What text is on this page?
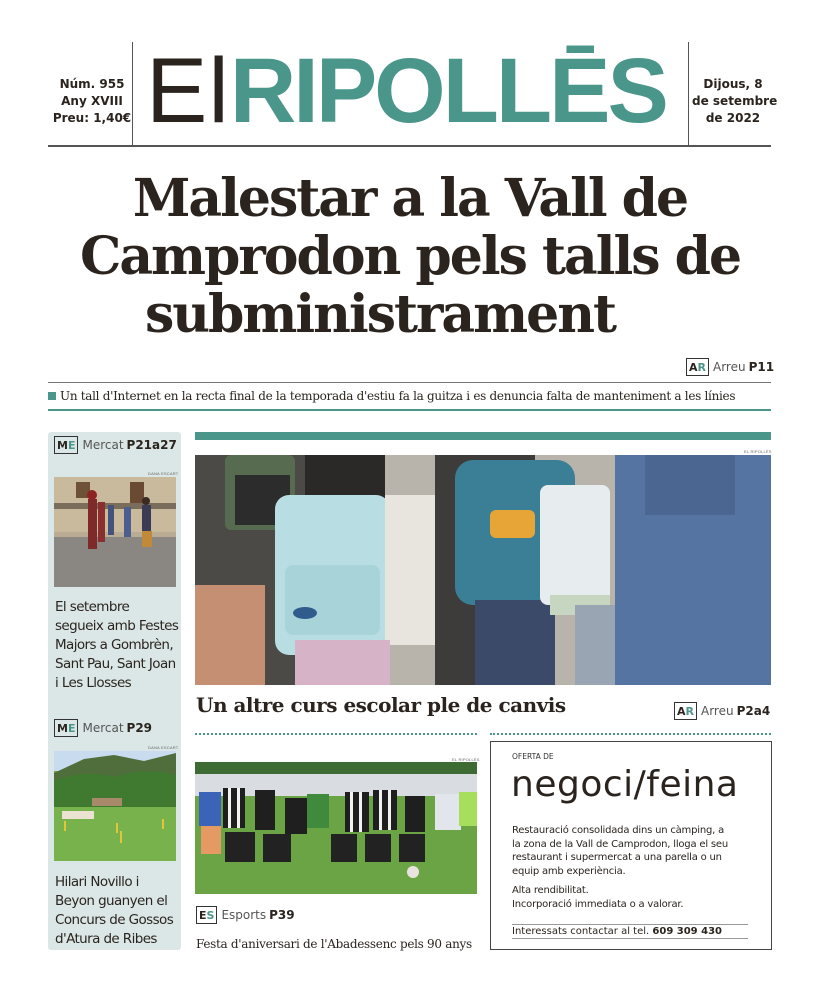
Núm. 955
Any XVIII
Preu: 1,40€ ElRIPOLLĒS	Dijous, 8
de setembre
de 2022
Malestar a la Vall de
Camprodon pels talls de
subministrament
A R Arreu P11
Un tall d'Internet en la recta final de la temporada d'estiu fa la guitza i es denuncia falta de manteniment a les línies
M E Mercat P21a27
DANA ESCART
El setembre
segueix amb Festes
Majors a Gombrèn,
Sant Pau, Sant Joan
i Les Llosses
M E Mercat P29
DANA ESCART
Hilari Novillo i
Beyon guanyen el
Concurs de Gossos
d'Atura de Ribes
EL RIPOLLÈS
Un altre curs escolar ple de canvis	A R Arreu P2a4
EL RIPOLLÈS
E S Esports P39
Festa d'aniversari de l'Abadessenc pels 90 anys
OFERTA DE
negoci/feina
Restauració consolidada dins un càmping, a
la zona de la Vall de Camprodon, lloga el seu
restaurant i supermercat a una parella o un
equip amb experiència.
Alta rendibilitat.
Incorporació immediata o a valorar.
Interessats contactar al tel. 609 309 430
